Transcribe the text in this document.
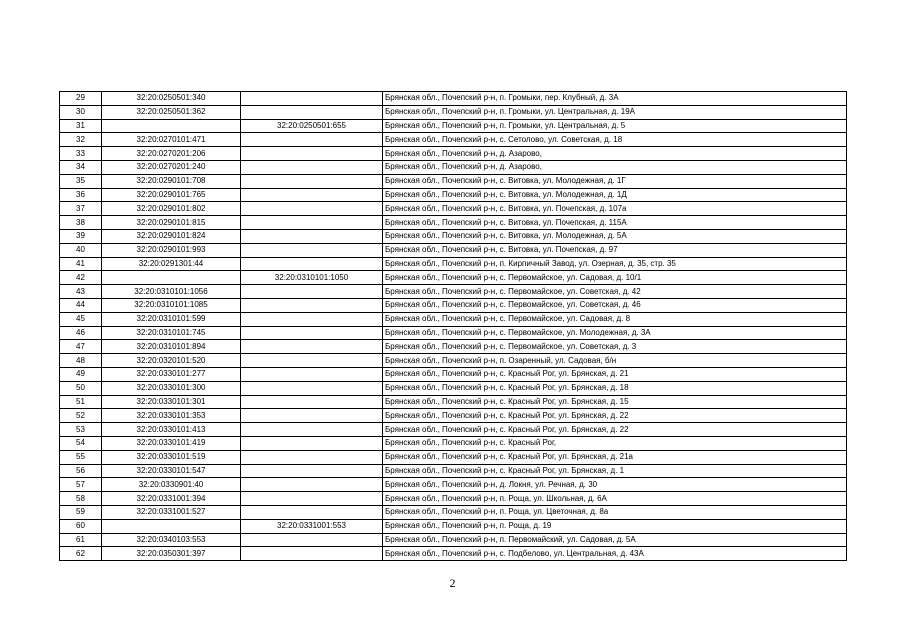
29	32:20:0250501:340		Брянская обл., Почепский р-н, п. Громыки, пер. Клубный, д. 3А
30	32:20:0250501:362		Брянская обл., Почепский р-н, п. Громыки, ул. Центральная, д. 19А
31		32:20:0250501:655	Брянская обл., Почепский р-н, п. Громыки, ул. Центральная, д. 5
32	32:20:0270101:471		Брянская обл., Почепский р-н, с. Сетолово, ул. Советская, д. 18
33	32:20:0270201:206		Брянская обл., Почепский р-н, д. Азарово,
34	32:20:0270201:240		Брянская обл., Почепский р-н, д. Азарово,
35	32:20:0290101:708		Брянская обл., Почепский р-н, с. Витовка, ул. Молодежная, д. 1Г
36	32:20:0290101:765		Брянская обл., Почепский р-н, с. Витовка, ул. Молодежная, д. 1Д
37	32:20:0290101:802		Брянская обл., Почепский р-н, с. Витовка, ул. Почепская, д. 107а
38	32:20:0290101:815		Брянская обл., Почепский р-н, с. Витовка, ул. Почепская, д. 115А
39	32:20:0290101:824		Брянская обл., Почепский р-н, с. Витовка, ул. Молодежная, д. 5А
40	32:20:0290101:993		Брянская обл., Почепский р-н, с. Витовка, ул. Почепская, д. 97
41	32:20:0291301:44		Брянская обл., Почепский р-н, п. Кирпичный Завод, ул. Озерная, д. 35, стр. 35
42		32:20:0310101:1050	Брянская обл., Почепский р-н, с. Первомайское, ул. Садовая, д. 10/1
43	32:20:0310101:1056		Брянская обл., Почепский р-н, с. Первомайское, ул. Советская, д. 42
44	32:20:0310101:1085		Брянская обл., Почепский р-н, с. Первомайское, ул. Советская, д. 46
45	32:20:0310101:599		Брянская обл., Почепский р-н, с. Первомайское, ул. Садовая, д. 8
46	32:20:0310101:745		Брянская обл., Почепский р-н, с. Первомайское, ул. Молодежная, д. 3А
47	32:20:0310101:894		Брянская обл., Почепский р-н, с. Первомайское, ул. Советская, д. 3
48	32:20:0320101:520		Брянская обл., Почепский р-н, п. Озаренный, ул. Садовая, б/н
49	32:20:0330101:277		Брянская обл., Почепский р-н, с. Красный Рог, ул. Брянская, д. 21
50	32:20:0330101:300		Брянская обл., Почепский р-н, с. Красный Рог, ул. Брянская, д. 18
51	32:20:0330101:301		Брянская обл., Почепский р-н, с. Красный Рог, ул. Брянская, д. 15
52	32:20:0330101:353		Брянская обл., Почепский р-н, с. Красный Рог, ул. Брянская, д. 22
53	32:20:0330101:413		Брянская обл., Почепский р-н, с. Красный Рог, ул. Брянская, д. 22
54	32:20:0330101:419		Брянская обл., Почепский р-н, с. Красный Рог,
55	32:20:0330101:519		Брянская обл., Почепский р-н, с. Красный Рог, ул. Брянская, д. 21а
56	32:20:0330101:547		Брянская обл., Почепский р-н, с. Красный Рог, ул. Брянская, д. 1
57	32:20:0330901:40		Брянская обл., Почепский р-н, д. Локня, ул. Речная, д. 30
58	32:20:0331001:394		Брянская обл., Почепский р-н, п. Роща, ул. Школьная, д. 6А
59	32:20:0331001:527		Брянская обл., Почепский р-н, п. Роща, ул. Цветочная, д. 8а
60		32:20:0331001:553	Брянская обл., Почепский р-н, п. Роща, д. 19
61	32:20:0340103:553		Брянская обл., Почепский р-н, п. Первомайский, ул. Садовая, д. 5А
62	32:20:0350301:397		Брянская обл., Почепский р-н, с. Подбелово, ул. Центральная, д. 43А
2
